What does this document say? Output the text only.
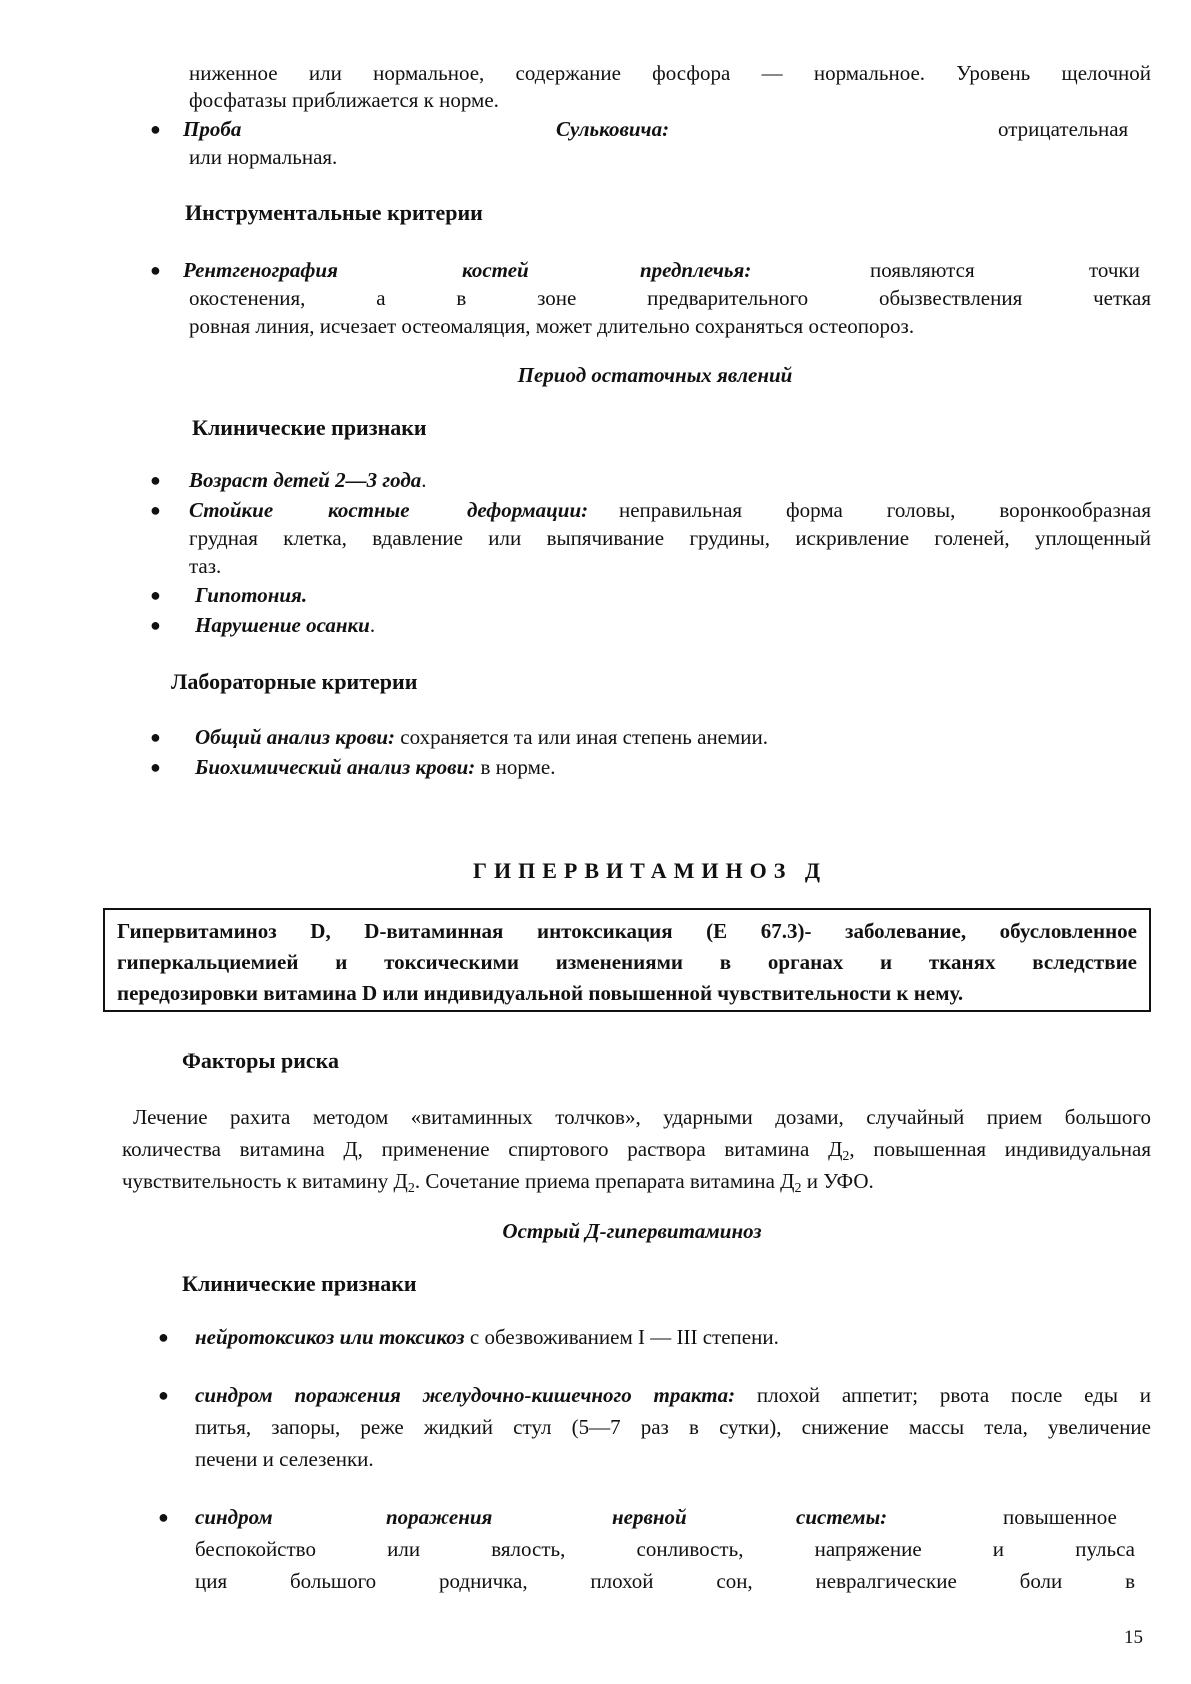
ниженное или нормальное, содержание фосфора — нормальное. Уровень щелочной
фосфатазы приближается к норме.
● Проба	Сульковича:	отрицательная
или нормальная.
Инструментальные критерии
● Рентгенография	костей	предплечья:	появляются	точки
окостенения, а в зоне предварительного обызвествления четкая
ровная линия, исчезает остеомаляция, может длительно сохраняться остеопороз.
Период остаточных явлений
Клинические признаки
● Возраст детей 2—3 года.
● Стойкие	костные	деформации: неправильная форма головы, воронкообразная
грудная клетка, вдавление или выпячивание грудины, искривление голеней, уплощенный
таз.
● Гипотония.
● Нарушение осанки.
Лабораторные критерии
● Общий анализ крови: сохраняется та или иная степень анемии.
● Биохимический анализ крови: в норме.
ГИПЕРВИТАМИНОЗ Д
Гипервитаминоз D, D-витаминная интоксикация (Е 67.3)- заболевание, обусловленное
гиперкальциемией и токсическими изменениями в органах и тканях вследствие
передозировки витамина D или индивидуальной повышенной чувствительности к нему.
Факторы риска
Лечение рахита методом «витаминных толчков», ударными дозами, случайный прием большого
количества витамина Д, применение спиртового раствора витамина $Д_2$, повышенная индивидуальная
чувствительность к витамину $Д_2$. Сочетание приема препарата витамина $Д_2$ и УФО.
Острый Д-гипервитаминоз
Клинические признаки
● нейротоксикоз или токсикоз с обезвоживанием I — III степени.
● синдром поражения желудочно-кишечного тракта: плохой аппетит; рвота после еды и
питья, запоры, реже жидкий стул (5—7 раз в сутки), снижение массы тела, увеличение
печени и селезенки.
● синдром	поражения	нервной	системы:	повышенное
беспокойство или вялость, сонливость, напряжение и пульса
ция большого родничка, плохой сон, невралгические боли в
15
